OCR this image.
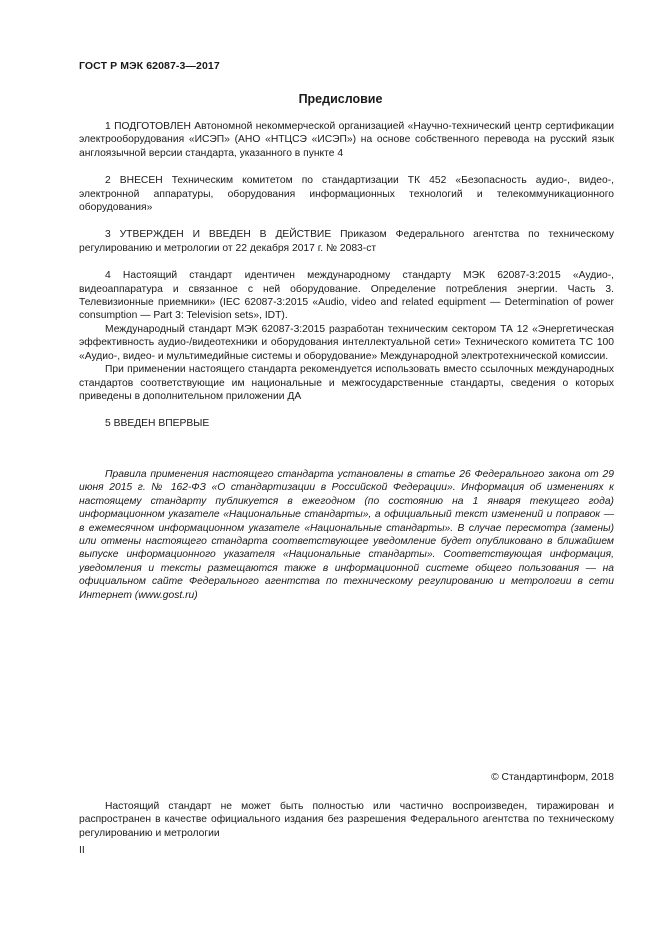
ГОСТ Р МЭК 62087-3—2017
Предисловие

1 ПОДГОТОВЛЕН Автономной некоммерческой организацией «Научно-технический центр сертификации электрооборудования «ИСЭП» (АНО «НТЦСЭ «ИСЭП») на основе собственного перевода на русский язык англоязычной версии стандарта, указанного в пункте 4

2 ВНЕСЕН Техническим комитетом по стандартизации ТК 452 «Безопасность аудио-, видео-, электронной аппаратуры, оборудования информационных технологий и телекоммуникационного оборудования»

3 УТВЕРЖДЕН И ВВЕДЕН В ДЕЙСТВИЕ Приказом Федерального агентства по техническому регулированию и метрологии от 22 декабря 2017 г. № 2083-ст

4 Настоящий стандарт идентичен международному стандарту МЭК 62087-3:2015 «Аудио-, видеоаппаратура и связанное с ней оборудование. Определение потребления энергии. Часть 3. Телевизионные приемники» (IEC 62087-3:2015 «Audio, video and related equipment — Determination of power consumption — Part 3: Television sets», IDT).

Международный стандарт МЭК 62087-3:2015 разработан техническим сектором ТА 12 «Энергетическая эффективность аудио-/видеотехники и оборудования интеллектуальной сети» Технического комитета ТС 100 «Аудио-, видео- и мультимедийные системы и оборудование» Международной электротехнической комиссии.

При применении настоящего стандарта рекомендуется использовать вместо ссылочных международных стандартов соответствующие им национальные и межгосударственные стандарты, сведения о которых приведены в дополнительном приложении ДА

5 ВВЕДЕН ВПЕРВЫЕ

Правила применения настоящего стандарта установлены в статье 26 Федерального закона от 29 июня 2015 г. № 162-ФЗ «О стандартизации в Российской Федерации». Информация об изменениях к настоящему стандарту публикуется в ежегодном (по состоянию на 1 января текущего года) информационном указателе «Национальные стандарты», а официальный текст изменений и поправок — в ежемесячном информационном указателе «Национальные стандарты». В случае пересмотра (замены) или отмены настоящего стандарта соответствующее уведомление будет опубликовано в ближайшем выпуске информационного указателя «Национальные стандарты». Соответствующая информация, уведомления и тексты размещаются также в информационной системе общего пользования — на официальном сайте Федерального агентства по техническому регулированию и метрологии в сети Интернет (www.gost.ru)

© Стандартинформ, 2018

Настоящий стандарт не может быть полностью или частично воспроизведен, тиражирован и распространен в качестве официального издания без разрешения Федерального агентства по техническому регулированию и метрологии

II
